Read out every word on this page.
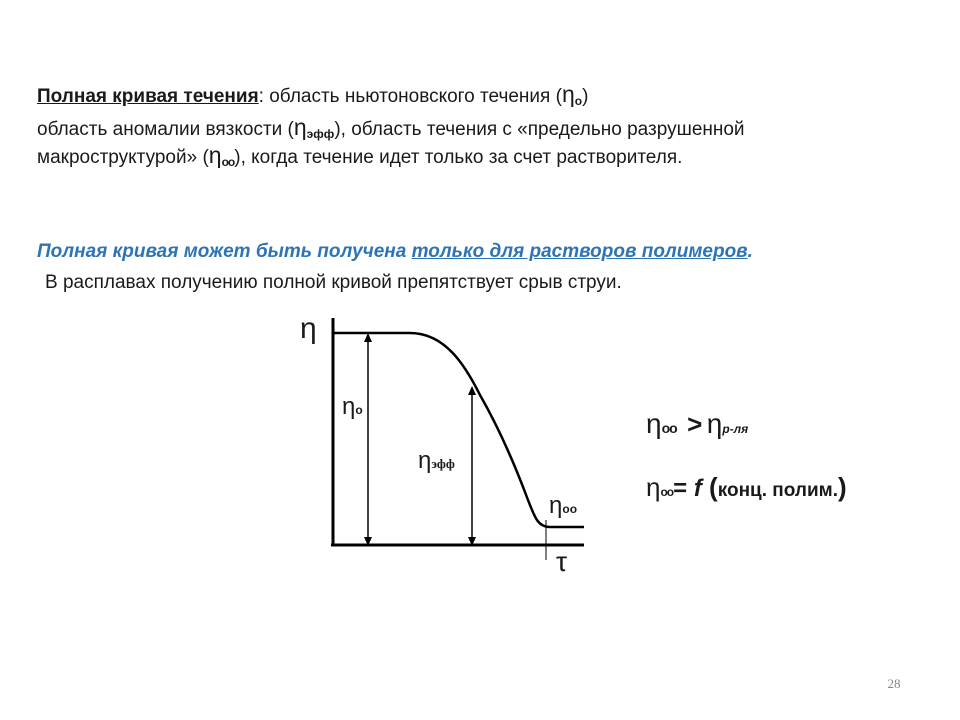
Полная кривая течения: область ньютоновского течения $(\eta_o)$
область аномалии вязкости $(\eta_{эфф})$, область течения с «предельно разрушенной
макроструктурой» (ηoo), когда течение идет только за счет растворителя.
Полная кривая может быть получена только для растворов полимеров.
В расплавах получению полной кривой препятствует срыв струи.
η
τ
ηo
ηэфф
ηoo
ηoo > ηр-ля
ηoo= f (конц. полим.)
28
